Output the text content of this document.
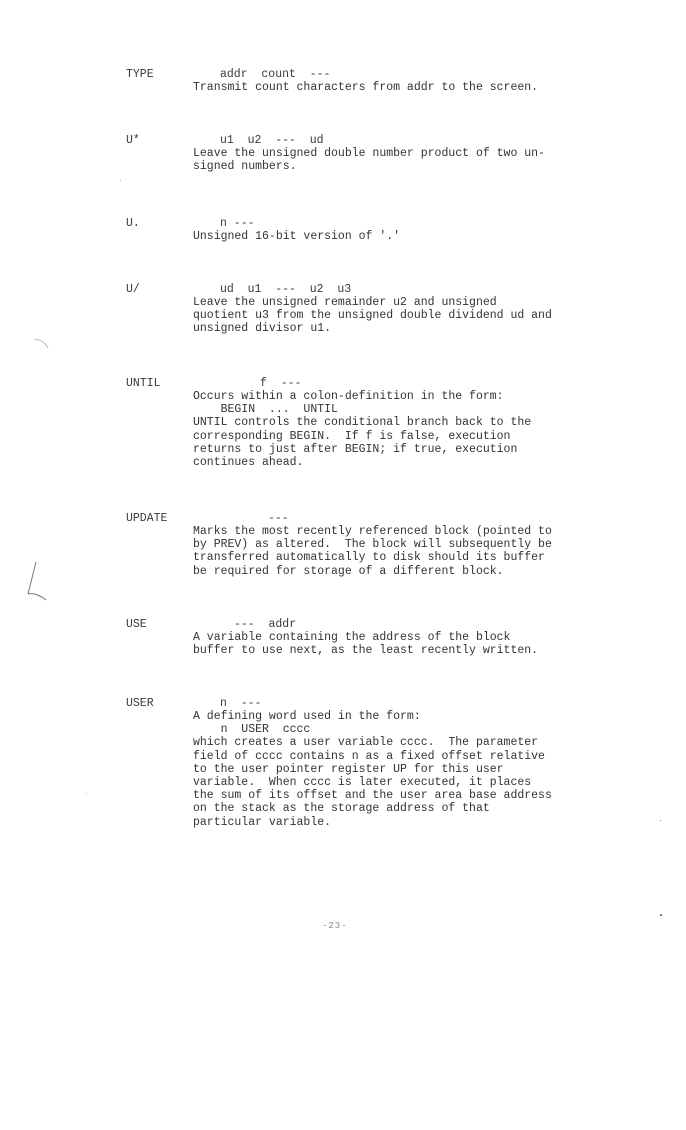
TYPE	addr  count  ---
Transmit count characters from addr to the screen.
U*	u1  u2  ---  ud
Leave the unsigned double number product of two un-
signed numbers.
U.	n ---
Unsigned 16-bit version of '.'
U/	ud  u1  ---  u2  u3
Leave the unsigned remainder u2 and unsigned
quotient u3 from the unsigned double dividend ud and
unsigned divisor u1.
UNTIL	f  ---
Occurs within a colon-definition in the form:
BEGIN  ...  UNTIL
UNTIL controls the conditional branch back to the
corresponding BEGIN.  If f is false, execution
returns to just after BEGIN; if true, execution
continues ahead.
UPDATE	---
Marks the most recently referenced block (pointed to
by PREV) as altered.  The block will subsequently be
transferred automatically to disk should its buffer
be required for storage of a different block.
USE	---  addr
A variable containing the address of the block
buffer to use next, as the least recently written.
USER	n  ---
A defining word used in the form:
n  USER  cccc
which creates a user variable cccc.  The parameter
field of cccc contains n as a fixed offset relative
to the user pointer register UP for this user
variable.  When cccc is later executed, it places
the sum of its offset and the user area base address
on the stack as the storage address of that
particular variable.
-23-
